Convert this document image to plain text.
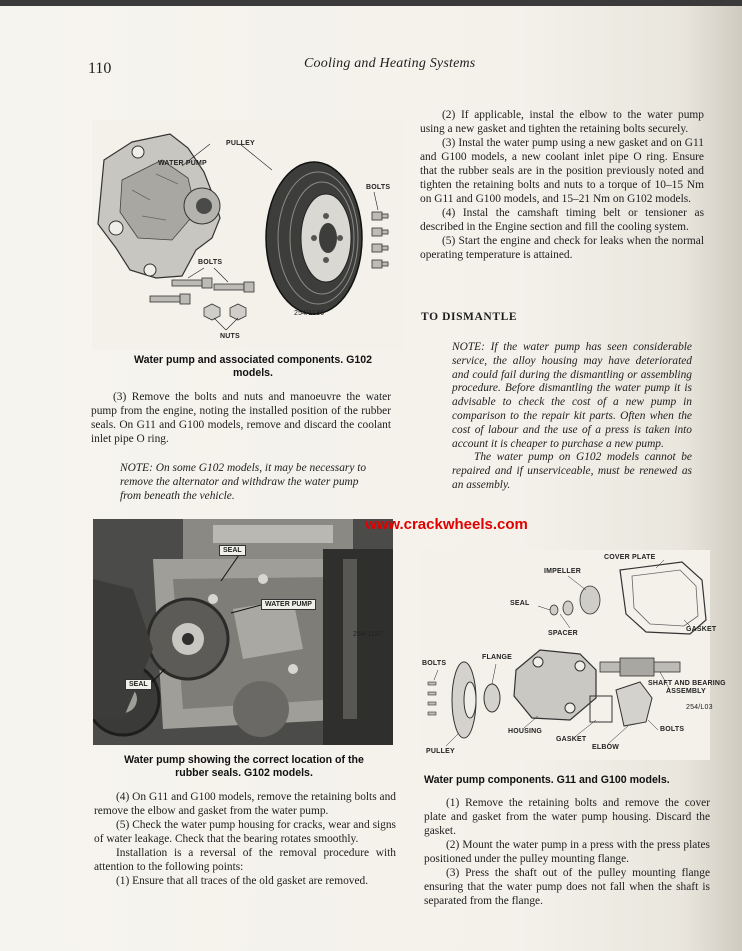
110	Cooling and Heating Systems
PULLEY
WATER PUMP
BOLTS
BOLTS
NUTS
254/1186
Water pump and associated components. G102
models.

(3) Remove the bolts and nuts and manoeuvre the water pump from the engine, noting the installed position of the rubber seals. On G11 and G100 models, remove and discard the coolant inlet pipe O ring.

NOTE: On some G102 models, it may be necessary to remove the alternator and withdraw the water pump from beneath the vehicle.

SEAL
WATER PUMP
SEAL
254/1197
Water pump showing the correct location of the
rubber seals. G102 models.

(4) On G11 and G100 models, remove the retaining bolts and remove the elbow and gasket from the water pump.

(5) Check the water pump housing for cracks, wear and signs of water leakage. Check that the bearing rotates smoothly.

Installation is a reversal of the removal procedure with attention to the following points:

(1) Ensure that all traces of the old gasket are removed.

(2) If applicable, instal the elbow to the water pump using a new gasket and tighten the retaining bolts securely.

(3) Instal the water pump using a new gasket and on G11 and G100 models, a new coolant inlet pipe O ring. Ensure that the rubber seals are in the position previously noted and tighten the retaining bolts and nuts to a torque of 10–15 Nm on G11 and G100 models, and 15–21 Nm on G102 models.

(4) Instal the camshaft timing belt or tensioner as described in the Engine section and fill the cooling system.

(5) Start the engine and check for leaks when the normal operating temperature is attained.

TO DISMANTLE

NOTE: If the water pump has seen considerable service, the alloy housing may have deteriorated and could fail during the dismantling or assembling procedure. Before dismantling the water pump it is advisable to check the cost of a new pump in comparison to the repair kit parts. Often when the cost of labour and the use of a press is taken into account it is cheaper to purchase a new pump.

The water pump on G102 models cannot be repaired and if unserviceable, must be renewed as an assembly.

www.crackwheels.com
COVER PLATE
IMPELLER
SEAL
SPACER
GASKET
BOLTS
FLANGE
SHAFT AND BEARING
ASSEMBLY
254/L03
HOUSING
GASKET
ELBOW
BOLTS
PULLEY
Water pump components. G11 and G100 models.

(1) Remove the retaining bolts and remove the cover plate and gasket from the water pump housing. Discard the gasket.

(2) Mount the water pump in a press with the press plates positioned under the pulley mounting flange.

(3) Press the shaft out of the pulley mounting flange ensuring that the water pump does not fall when the shaft is separated from the flange.
